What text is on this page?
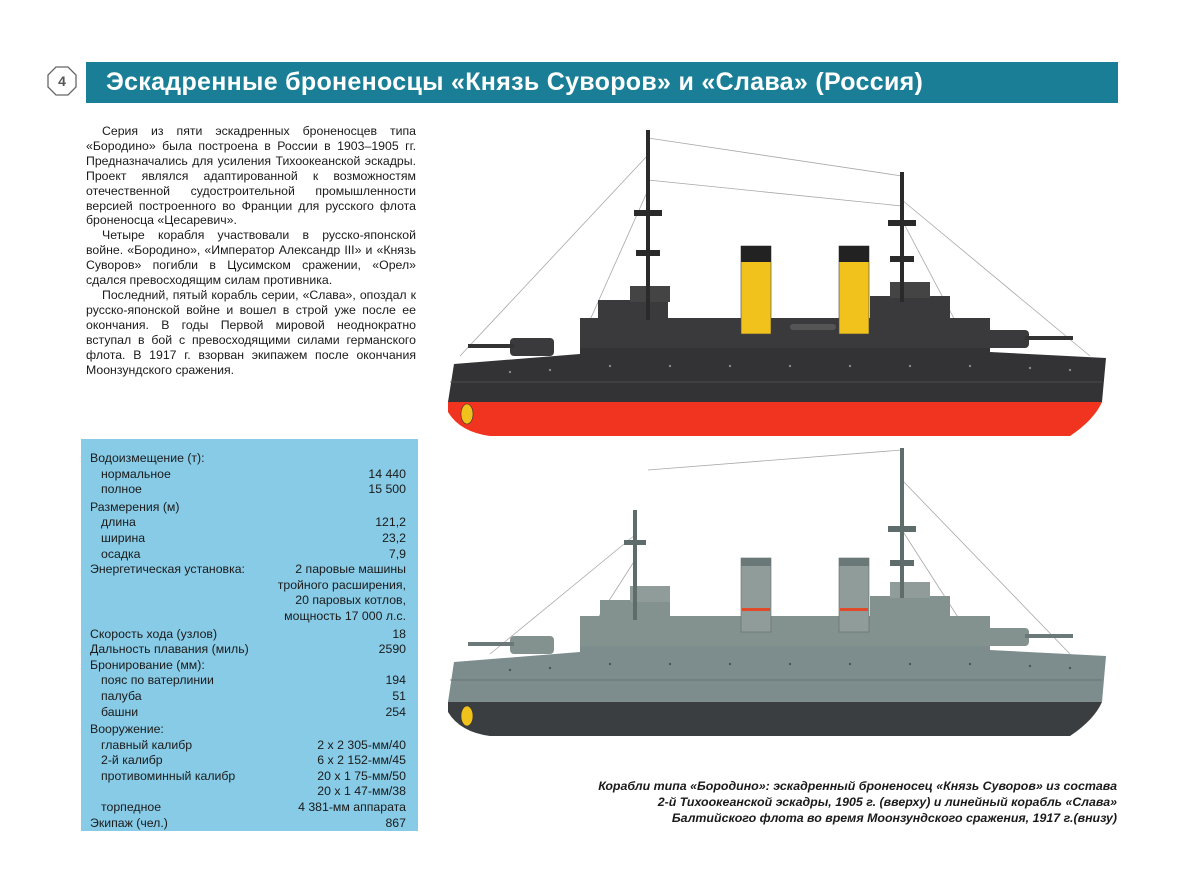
4	Эскадренные броненосцы «Князь Суворов» и «Слава» (Россия)

Серия из пяти эскадренных броненосцев типа «Бородино» была построена в России в 1903–1905 гг. Предназначались для усиления Тихоокеанской эскадры. Проект являлся адаптированной к возможностям отечественной судостроительной промышленности версией построенного во Франции для русского флота броненосца «Цесаревич».

Четыре корабля участвовали в русско-японской войне. «Бородино», «Император Александр III» и «Князь Суворов» погибли в Цусимском сражении, «Орел» сдался превосходящим силам противника.

Последний, пятый корабль серии, «Слава», опоздал к русско-японской войне и вошел в строй уже после ее окончания. В годы Первой мировой неоднократно вступал в бой с превосходящими силами германского флота. В 1917 г. взорван экипажем после окончания Моонзундского сражения.

Водоизмещение (т):
нормальное	14 440
полное	15 500
Размерения (м)
длина	121,2
ширина	23,2
осадка	7,9
Энергетическая установка:	2 паровые машины
тройного расширения,
20 паровых котлов,
мощность 17 000 л.с.
Скорость хода (узлов)	18
Дальность плавания (миль)	2590
Бронирование (мм):
пояс по ватерлинии	194
палуба	51
башни	254
Вооружение:
главный калибр	2 x 2 305-мм/40
2-й калибр	6 x 2 152-мм/45
противоминный калибр	20 x 1 75-мм/50
20 x 1 47-мм/38
торпедное	4 381-мм аппарата
Экипаж (чел.)	867
Корабли типа «Бородино»: эскадренный броненосец «Князь Суворов» из состава
2-й Тихоокеанской эскадры, 1905 г. (вверху) и линейный корабль «Слава»
Балтийского флота во время Моонзундского сражения, 1917 г.(внизу)
